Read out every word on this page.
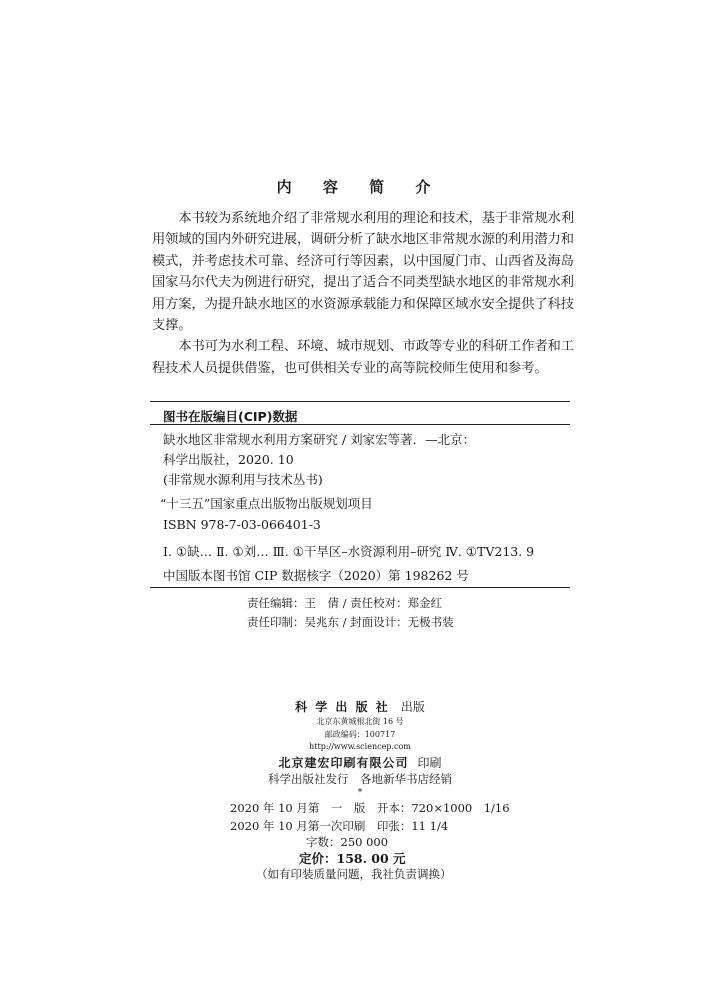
内 容 简 介

本书较为系统地介绍了非常规水利用的理论和技术，基于非常规水利用领域的国内外研究进展，调研分析了缺水地区非常规水源的利用潜力和模式，并考虑技术可靠、经济可行等因素，以中国厦门市、山西省及海岛国家马尔代夫为例进行研究，提出了适合不同类型缺水地区的非常规水利用方案，为提升缺水地区的水资源承载能力和保障区域水安全提供了科技支撑。

本书可为水利工程、环境、城市规划、市政等专业的科研工作者和工程技术人员提供借鉴，也可供相关专业的高等院校师生使用和参考。

图书在版编目(CIP)数据
缺水地区非常规水利用方案研究 / 刘家宏等著．—北京：
科学出版社，2020. 10
(非常规水源利用与技术丛书)
“十三五”国家重点出版物出版规划项目
ISBN 978-7-03-066401-3
Ⅰ. ①缺… Ⅱ. ①刘… Ⅲ. ①干旱区–水资源利用–研究 Ⅳ. ①TV213. 9
中国版本图书馆 CIP 数据核字（2020）第 198262 号
责任编辑：王　倩 / 责任校对：郑金红
责任印制：吴兆东 / 封面设计：无极书装
科 学 出 版 社 出版
北京东黄城根北街 16 号
邮政编码：100717
http://www.sciencep.com
北京建宏印刷有限公司 印刷
科学出版社发行　各地新华书店经销
*
2020 年 10 月第　一　版　开本：720×1000　1/16
2020 年 10 月第一次印刷　印张：11 1/4
字数：250 000
定价：158. 00 元
（如有印装质量问题，我社负责调换）
